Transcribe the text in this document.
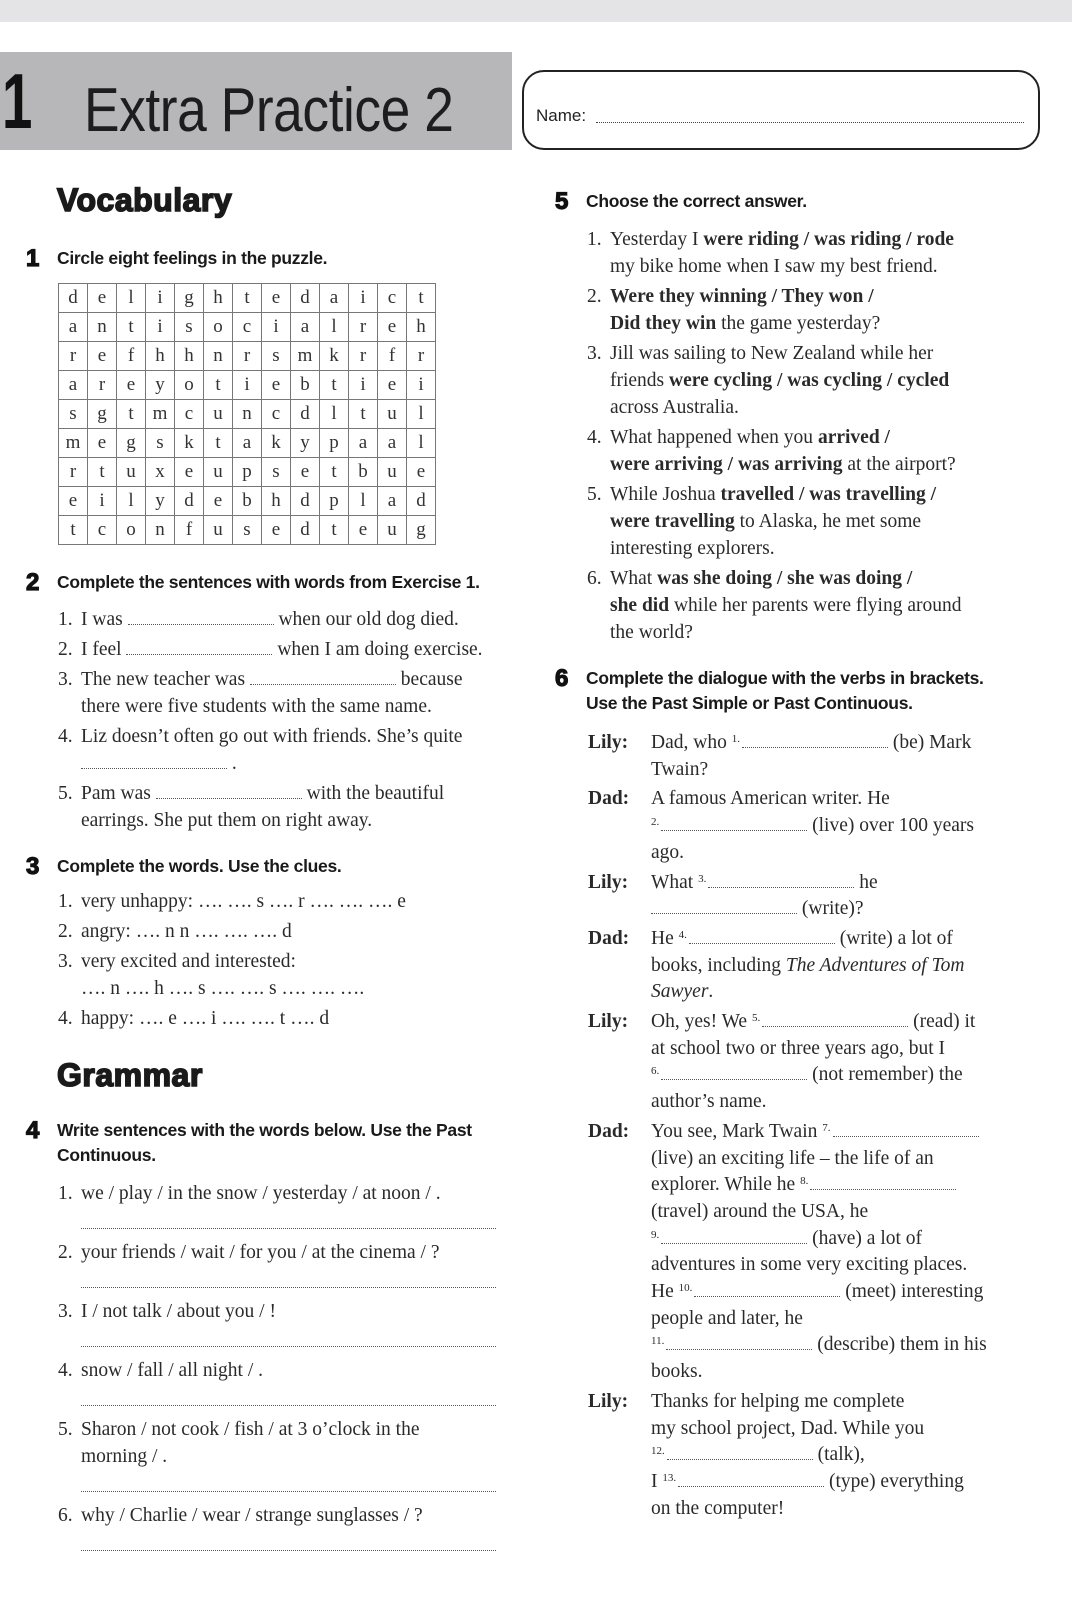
1 Extra Practice 2	Name:
Vocabulary
1	Circle eight feelings in the puzzle.
d	e	l	i	g	h	t	e	d	a	i	c	t
a	n	t	i	s	o	c	i	a	l	r	e	h
r	e	f	h	h	n	r	s	m	k	r	f	r
a	r	e	y	o	t	i	e	b	t	i	e	i
s	g	t	m	c	u	n	c	d	l	t	u	l
m	e	g	s	k	t	a	k	y	p	a	a	l
r	t	u	x	e	u	p	s	e	t	b	u	e
e	i	l	y	d	e	b	h	d	p	l	a	d
t	c	o	n	f	u	s	e	d	t	e	u	g
2	Complete the sentences with words from Exercise 1.
1. I was	when our old dog died.
2. I feel	when I am doing exercise.
3. The new teacher was	because
there were five students with the same name.
4. Liz doesn’t often go out with friends. She’s quite
.
5. Pam was	with the beautiful
earrings. She put them on right away.
3	Complete the words. Use the clues.
1. very unhappy: …. …. s …. r …. …. …. e
2. angry: …. n n …. …. …. d
3. very excited and interested:
…. n …. h …. s …. …. s …. …. ….
4. happy: …. e …. i …. …. t …. d
Grammar
4	Write sentences with the words below. Use the Past
Continuous.
1. we / play / in the snow / yesterday / at noon / .
2. your friends / wait / for you / at the cinema / ?
3. I / not talk / about you / !
4. snow / fall / all night / .
5. Sharon / not cook / fish / at 3 o’clock in the
morning / .
6. why / Charlie / wear / strange sunglasses / ?
5	Choose the correct answer.
1. Yesterday I were riding / was riding / rode
my bike home when I saw my best friend.
2. Were they winning / They won /
Did they win the game yesterday?
3. Jill was sailing to New Zealand while her
friends were cycling / was cycling / cycled
across Australia.
4. What happened when you arrived /
were arriving / was arriving at the airport?
5. While Joshua travelled / was travelling /
were travelling to Alaska, he met some
interesting explorers.
6. What was she doing / she was doing /
she did while her parents were flying around
the world?
6	Complete the dialogue with the verbs in brackets.
Use the Past Simple or Past Continuous.
Lily: Dad, who $^{1.}$	(be) Mark
Twain?
Dad: A famous American writer. He
$^{2.}$	(live) over 100 years
ago.
Lily: What $^{3.}$	he
(write)?
Dad: He $^{4.}$	(write) a lot of
books, including The Adventures of Tom
Sawyer.
Lily: Oh, yes! We $^{5.}$	(read) it
at school two or three years ago, but I
$^{6.}$	(not remember) the
author’s name.
Dad: You see, Mark Twain $^{7.}$
(live) an exciting life – the life of an
explorer. While he $^{8.}$
(travel) around the USA, he
$^{9.}$	(have) a lot of
adventures in some very exciting places.
He $^{10.}$	(meet) interesting
people and later, he
$^{11.}$	(describe) them in his
books.
Lily: Thanks for helping me complete
my school project, Dad. While you
$^{12.}$	(talk),
I $^{13.}$	(type) everything
on the computer!
